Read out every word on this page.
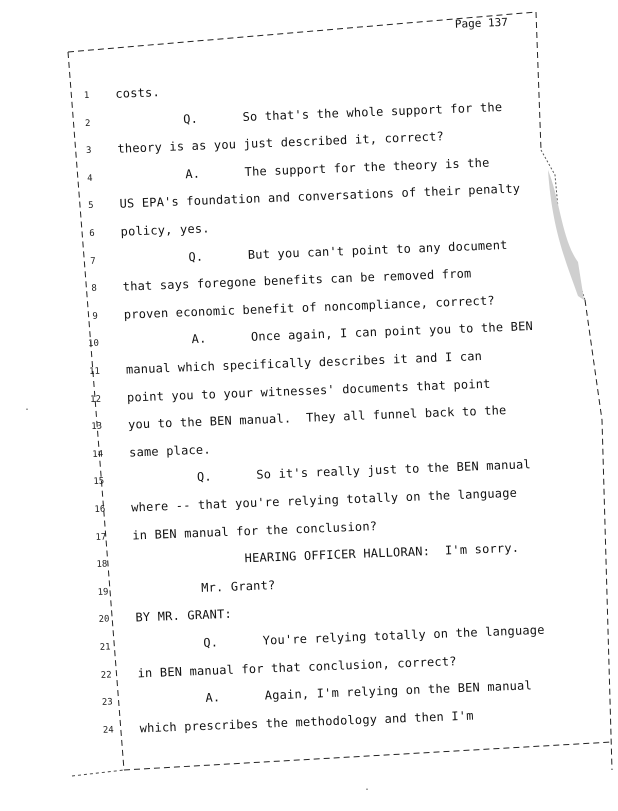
Page 137
1 costs.
2 Q.      So that's the whole support for the
3 theory is as you just described it, correct?
4 A.      The support for the theory is the
5 US EPA's foundation and conversations of their penalty
6 policy, yes.
7 Q.      But you can't point to any document
8 that says foregone benefits can be removed from
9 proven economic benefit of noncompliance, correct?
10 A.      Once again, I can point you to the BEN
11 manual which specifically describes it and I can
12 point you to your witnesses' documents that point
13 you to the BEN manual.  They all funnel back to the
14 same place.
15 Q.      So it's really just to the BEN manual
16 where -- that you're relying totally on the language
17 in BEN manual for the conclusion?
18 HEARING OFFICER HALLORAN:  I'm sorry.
19 Mr. Grant?
20 BY MR. GRANT:
21 Q.      You're relying totally on the language
22 in BEN manual for that conclusion, correct?
23 A.      Again, I'm relying on the BEN manual
24 which prescribes the methodology and then I'm
.
.
